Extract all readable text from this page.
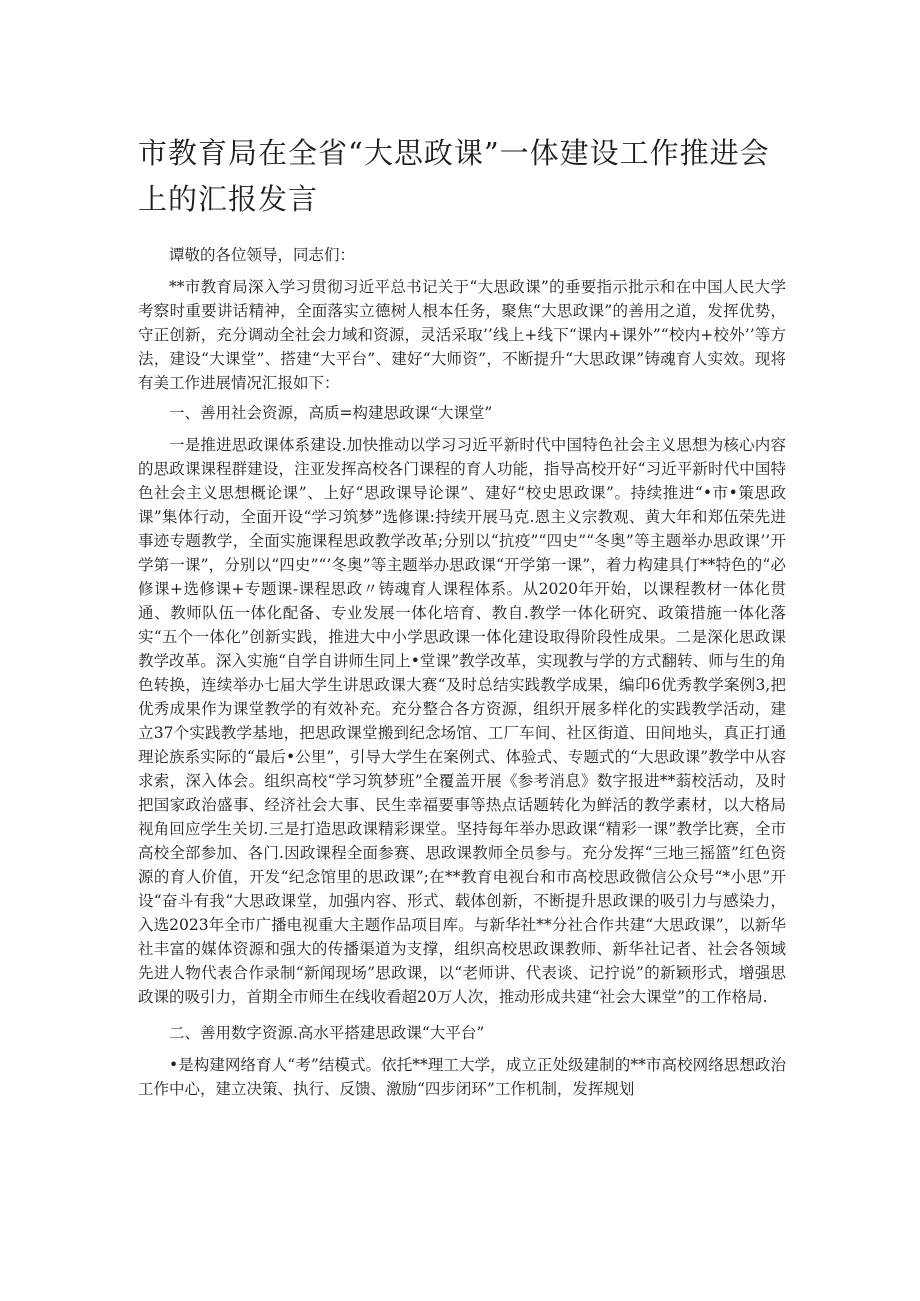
市教育局在全省“大思政课”一体建设工作推进会上的汇报发言

谭敬的各位领导，同志们：

**市教育局深入学习贯彻习近平总书记关于“大思政课”的垂要指示批示和在中国人民大学考察时重要讲话精神，全面落实立德树人根本任务，聚焦“大思政课”的善用之道，发挥优势，守正创新，充分调动全社会力域和资源，灵活采取’’线上+线下“课内+课外”“校内+校外’’等方法，建设“大课堂”、搭建“大平台”、建好“大师资”，不断提升“大思政课”铸魂育人实效。现将有美工作进展情况汇报如下：

一、善用社会资源，高质=构建思政课“大课堂”

一是推进思政课体系建设.加快推动以学习习近平新时代中国特色社会主义思想为核心内容的思政课课程群建设，注亚发挥高校各门课程的育人功能，指导高校开好“习近平新时代中国特色社会主义思想概论课”、上好“思政课导论课”、建好“校史思政课”。持续推进“•市•策思政课”集体行动，全面开设“学习筑梦”选修课:持续开展马克.恩主义宗教观、黄大年和郑伍荣先进事迹专题教学，全面实施课程思政教学改革;分别以“抗疫”“四史”“冬奥”等主题举办思政课’’开学第一课”，分别以“四史”“’冬奥”等主题举办思政课“开学第一课”，着力构建具仃**特色的“必修课+选修课+专题课-课程思政〃铸魂育人课程体系。从2020年开始，以课程教材一体化贯通、教师队伍一体化配备、专业发展一体化培育、教自.教学一体化研究、政策措施一体化落实“五个一体化”创新实践，推进大中小学思政课一体化建设取得阶段性成果。二是深化思政课教学改革。深入实施“自学自讲师生同上•堂课”教学改革，实现教与学的方式翻转、师与生的角色转换，连续举办七届大学生讲思政课大赛“及时总结实践教学成果，编印6优秀教学案例3,把优秀成果作为课堂教学的有效补充。充分整合各方资源，组织开展多样化的实践教学活动，建立37个实践教学基地，把思政课堂搬到纪念场馆、工厂车间、社区街道、田间地头，真正打通理论族系实际的“最后•公里”，引导大学生在案例式、体验式、专题式的“大思政课”教学中从容求索，深入体会。组织高校“学习筑梦班”全覆盖开展《参考消息》数字报进**蓊校活动，及时把国家政治盛事、经济社会大事、民生幸福要事等热点话题转化为鲜活的教学素材，以大格局视角回应学生关切.三是打造思政课精彩课堂。坚持每年举办思政课“精彩一课”教学比赛，全市高校全部参加、各门.因政课程全面参赛、思政课教师全员参与。充分发挥“三地三摇篮”红色资源的育人价值，开发“纪念馆里的思政课”;在**教育电视台和市高校思政微信公众号“*小思”开设“奋斗有我“大思政课堂，加强内容、形式、载体创新，不断提升思政课的吸引力与感染力，入选2023年全市广播电视重大主题作品项目库。与新华社**分社合作共建“大思政课”，以新华社丰富的媒体资源和强大的传播渠道为支撑，组织高校思政课教师、新华社记者、社会各领域先进人物代表合作录制“新闻现场”思政课，以“老师讲、代表谈、记拧说”的新颖形式，增强思政课的吸引力，首期全市师生在线收看超20万人次，推动形成共建“社会大课堂”的工作格局.

二、善用数字资源.高水平搭建思政课“大平台”

•是构建网络育人“考”结模式。依托**理工大学，成立正处级建制的**市高校网络思想政治工作中心，建立决策、执行、反馈、激励“四步闭环”工作机制，发挥规划
